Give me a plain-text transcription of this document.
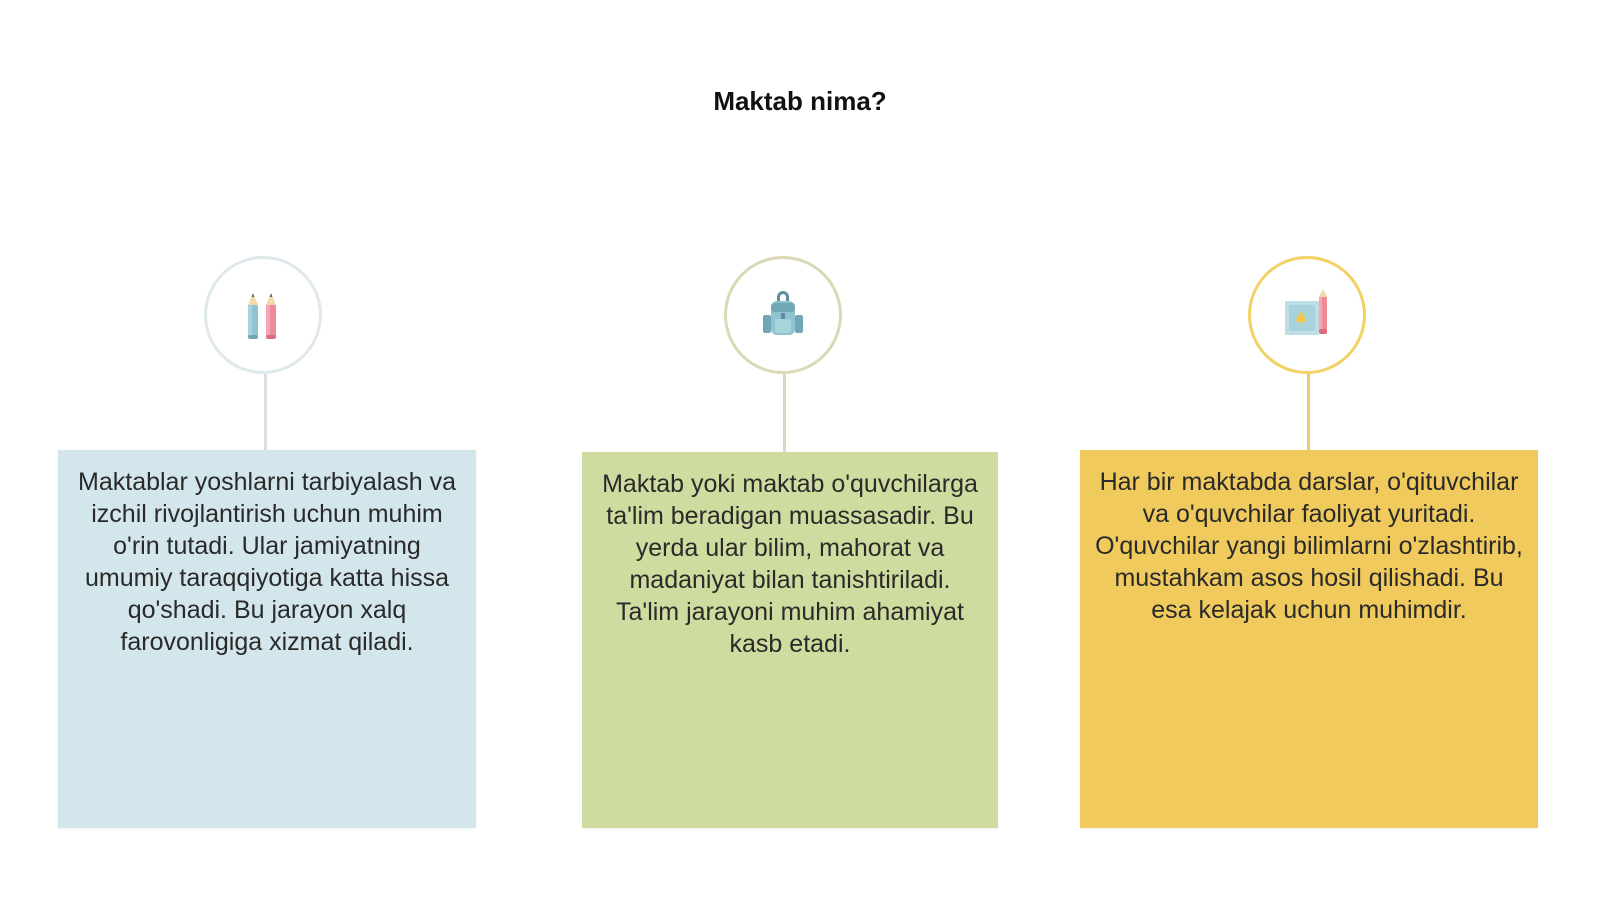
Maktab nima?

Maktablar yoshlarni tarbiyalash va izchil rivojlantirish uchun muhim o'rin tutadi. Ular jamiyatning umumiy taraqqiyotiga katta hissa qo'shadi. Bu jarayon xalq farovonligiga xizmat qiladi.

Maktab yoki maktab o'quvchilarga ta'lim beradigan muassasadir. Bu yerda ular bilim, mahorat va madaniyat bilan tanishtiriladi. Ta'lim jarayoni muhim ahamiyat kasb etadi.

Har bir maktabda darslar, o'qituvchilar va o'quvchilar faoliyat yuritadi. O'quvchilar yangi bilimlarni o'zlashtirib, mustahkam asos hosil qilishadi. Bu esa kelajak uchun muhimdir.
